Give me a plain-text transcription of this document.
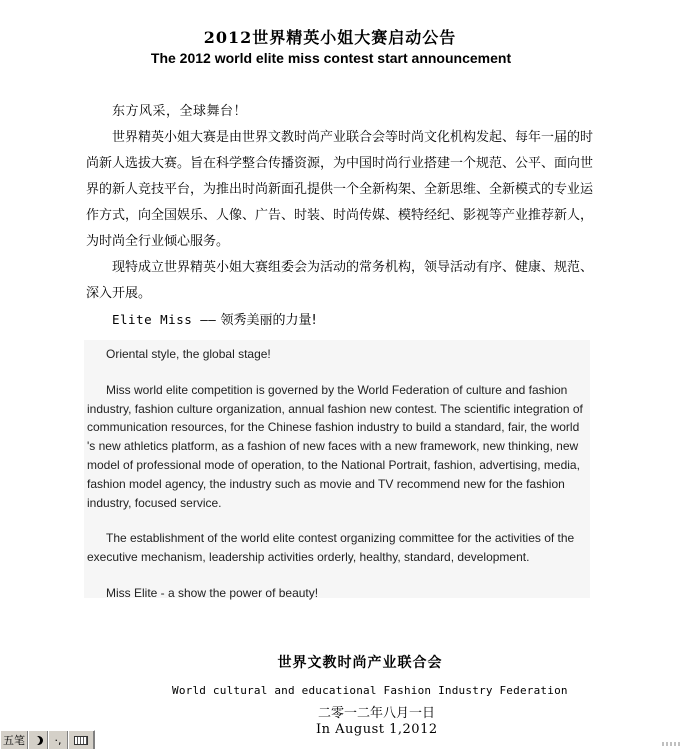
2012世界精英小姐大赛启动公告
The 2012 world elite miss contest start announcement

东方风采，全球舞台！

世界精英小姐大赛是由世界文教时尚产业联合会等时尚文化机构发起、每年一届的时尚新人选拔大赛。旨在科学整合传播资源，为中国时尚行业搭建一个规范、公平、面向世界的新人竞技平台，为推出时尚新面孔提供一个全新构架、全新思维、全新模式的专业运作方式，向全国娱乐、人像、广告、时装、时尚传媒、模特经纪、影视等产业推荐新人，为时尚全行业倾心服务。

现特成立世界精英小姐大赛组委会为活动的常务机构，领导活动有序、健康、规范、深入开展。

Elite Miss —— 领秀美丽的力量!

Oriental style, the global stage!

Miss world elite competition is governed by the World Federation of culture and fashion industry, fashion culture organization, annual fashion new contest. The scientific integration of communication resources, for the Chinese fashion industry to build a standard, fair, the world 's new athletics platform, as a fashion of new faces with a new framework, new thinking, new model of professional mode of operation, to the National Portrait, fashion, advertising, media, fashion model agency, the industry such as movie and TV recommend new for the fashion industry, focused service.

The establishment of the world elite contest organizing committee for the activities of the executive mechanism, leadership activities orderly, healthy, standard, development.

Miss Elite - a show the power of beauty!

世界文教时尚产业联合会
World cultural and educational Fashion Industry Federation
二零一二年八月一日
In August 1,2012
五笔	·,
